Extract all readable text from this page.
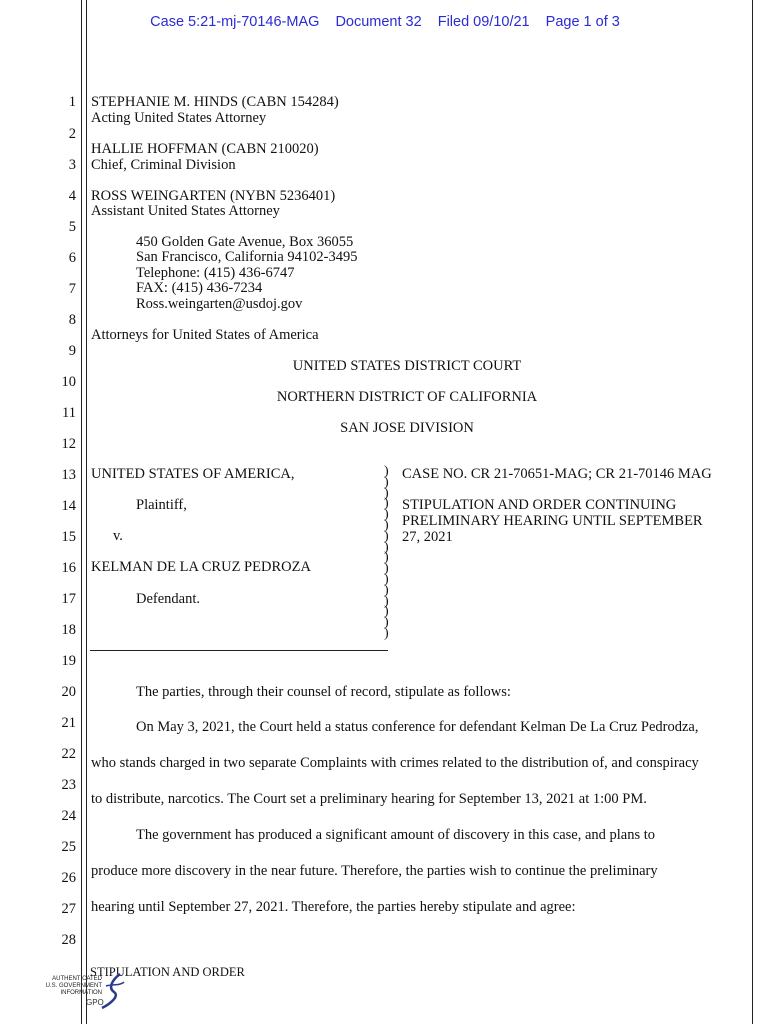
Case 5:21-mj-70146-MAG Document 32 Filed 09/10/21 Page 1 of 3
1
2
3
4
5
6
7
8
9
10
11
12
13
14
15
16
17
18
19
20
21
22
23
24
25
26
27
28
STEPHANIE M. HINDS (CABN 154284)
Acting United States Attorney
HALLIE HOFFMAN (CABN 210020)
Chief, Criminal Division
ROSS WEINGARTEN (NYBN 5236401)
Assistant United States Attorney
450 Golden Gate Avenue, Box 36055
San Francisco, California 94102-3495
Telephone: (415) 436-6747
FAX: (415) 436-7234
Ross.weingarten@usdoj.gov
Attorneys for United States of America
UNITED STATES DISTRICT COURT
NORTHERN DISTRICT OF CALIFORNIA
SAN JOSE DIVISION
UNITED STATES OF AMERICA,
Plaintiff,
v.
KELMAN DE LA CRUZ PEDROZA
Defendant.
)
)
)
)
)
)
)
)
)
)
)
)
)
)
)
)
CASE NO. CR 21-70651-MAG; CR 21-70146 MAG
STIPULATION AND ORDER CONTINUING
PRELIMINARY HEARING UNTIL SEPTEMBER
27, 2021
The parties, through their counsel of record, stipulate as follows:
On May 3, 2021, the Court held a status conference for defendant Kelman De La Cruz Pedrodza,
who stands charged in two separate Complaints with crimes related to the distribution of, and conspiracy
to distribute, narcotics. The Court set a preliminary hearing for September 13, 2021 at 1:00 PM.
The government has produced a significant amount of discovery in this case, and plans to
produce more discovery in the near future. Therefore, the parties wish to continue the preliminary
hearing until September 27, 2021. Therefore, the parties hereby stipulate and agree:
STIPULATION AND ORDER
AUTHENTICATED
U.S. GOVERNMENT
INFORMATION
GPO
